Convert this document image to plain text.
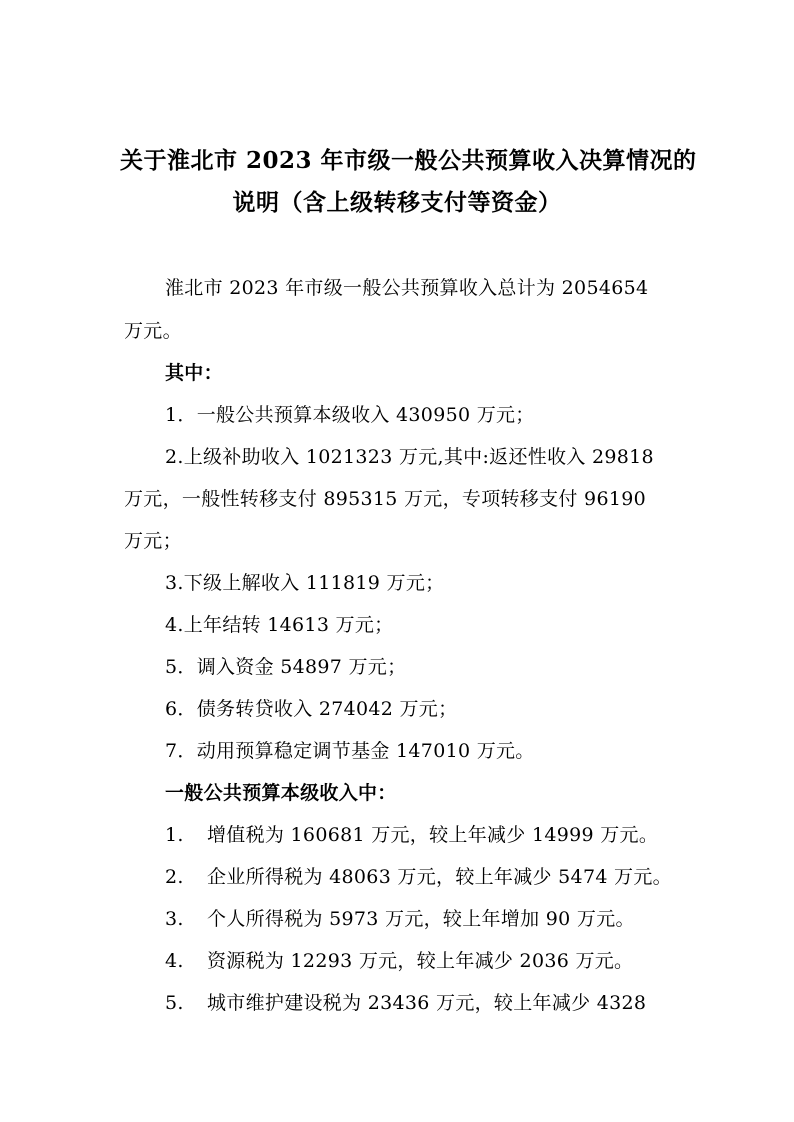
关于淮北市 2023 年市级一般公共预算收入决算情况的
说明（含上级转移支付等资金）
淮北市 2023 年市级一般公共预算收入总计为 2054654
万元。
其中：
1．一般公共预算本级收入 430950 万元；
2.上级补助收入 1021323 万元,其中:返还性收入 29818
万元，一般性转移支付 895315 万元，专项转移支付 96190
万元；
3.下级上解收入 111819 万元；
4.上年结转 14613 万元；
5．调入资金 54897 万元；
6．债务转贷收入 274042 万元；
7．动用预算稳定调节基金 147010 万元。
一般公共预算本级收入中：
1. 增值税为 160681 万元，较上年减少 14999 万元。
2. 企业所得税为 48063 万元，较上年减少 5474 万元。
3. 个人所得税为 5973 万元，较上年增加 90 万元。
4. 资源税为 12293 万元，较上年减少 2036 万元。
5. 城市维护建设税为 23436 万元，较上年减少 4328
